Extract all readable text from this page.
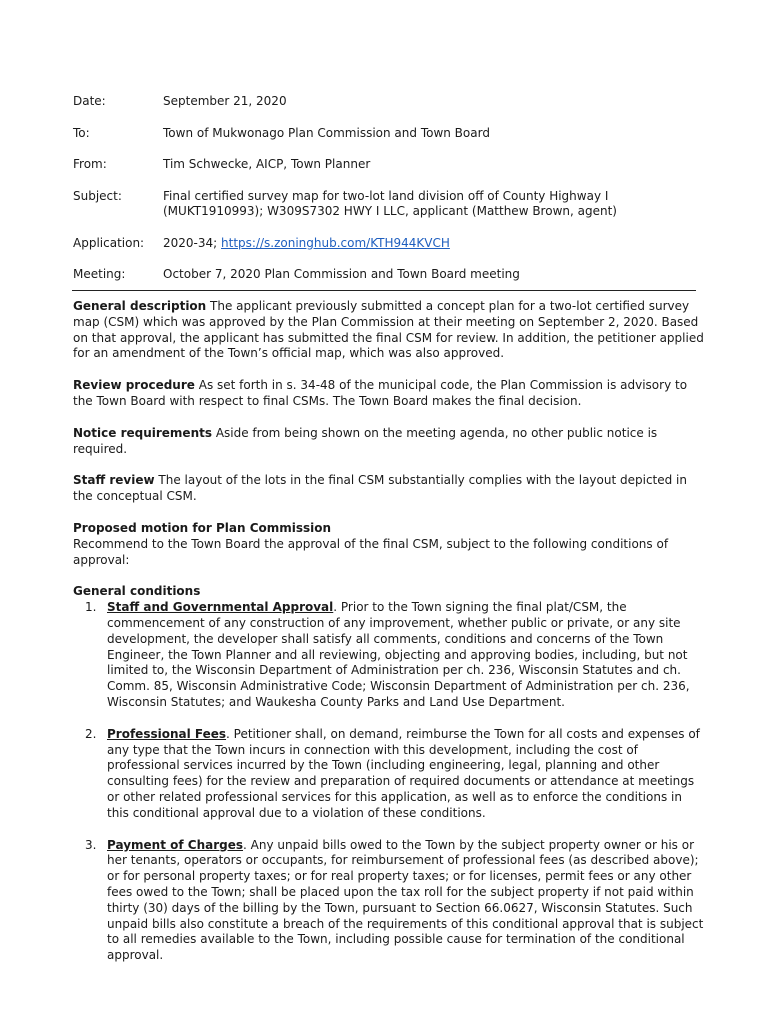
Date:	September 21, 2020
To:	Town of Mukwonago Plan Commission and Town Board
From:	Tim Schwecke, AICP, Town Planner
Subject:	Final certified survey map for two-lot land division off of County Highway I (MUKT1910993); W309S7302 HWY I LLC, applicant (Matthew Brown, agent)
Application:	2020-34; https://s.zoninghub.com/KTH944KVCH
Meeting:	October 7, 2020 Plan Commission and Town Board meeting

General description The applicant previously submitted a concept plan for a two-lot certified survey map (CSM) which was approved by the Plan Commission at their meeting on September 2, 2020. Based on that approval, the applicant has submitted the final CSM for review. In addition, the petitioner applied for an amendment of the Town’s official map, which was also approved.

Review procedure As set forth in s. 34-48 of the municipal code, the Plan Commission is advisory to the Town Board with respect to final CSMs. The Town Board makes the final decision.

Notice requirements Aside from being shown on the meeting agenda, no other public notice is required.

Staff review The layout of the lots in the final CSM substantially complies with the layout depicted in the conceptual CSM.

Proposed motion for Plan Commission
Recommend to the Town Board the approval of the final CSM, subject to the following conditions of approval:
General conditions
1. Staff and Governmental Approval. Prior to the Town signing the final plat/CSM, the commencement of any construction of any improvement, whether public or private, or any site development, the developer shall satisfy all comments, conditions and concerns of the Town Engineer, the Town Planner and all reviewing, objecting and approving bodies, including, but not limited to, the Wisconsin Department of Administration per ch. 236, Wisconsin Statutes and ch. Comm. 85, Wisconsin Administrative Code; Wisconsin Department of Administration per ch. 236, Wisconsin Statutes; and Waukesha County Parks and Land Use Department.
2. Professional Fees. Petitioner shall, on demand, reimburse the Town for all costs and expenses of any type that the Town incurs in connection with this development, including the cost of professional services incurred by the Town (including engineering, legal, planning and other consulting fees) for the review and preparation of required documents or attendance at meetings or other related professional services for this application, as well as to enforce the conditions in this conditional approval due to a violation of these conditions.
3. Payment of Charges. Any unpaid bills owed to the Town by the subject property owner or his or her tenants, operators or occupants, for reimbursement of professional fees (as described above); or for personal property taxes; or for real property taxes; or for licenses, permit fees or any other fees owed to the Town; shall be placed upon the tax roll for the subject property if not paid within thirty (30) days of the billing by the Town, pursuant to Section 66.0627, Wisconsin Statutes. Such unpaid bills also constitute a breach of the requirements of this conditional approval that is subject to all remedies available to the Town, including possible cause for termination of the conditional approval.
